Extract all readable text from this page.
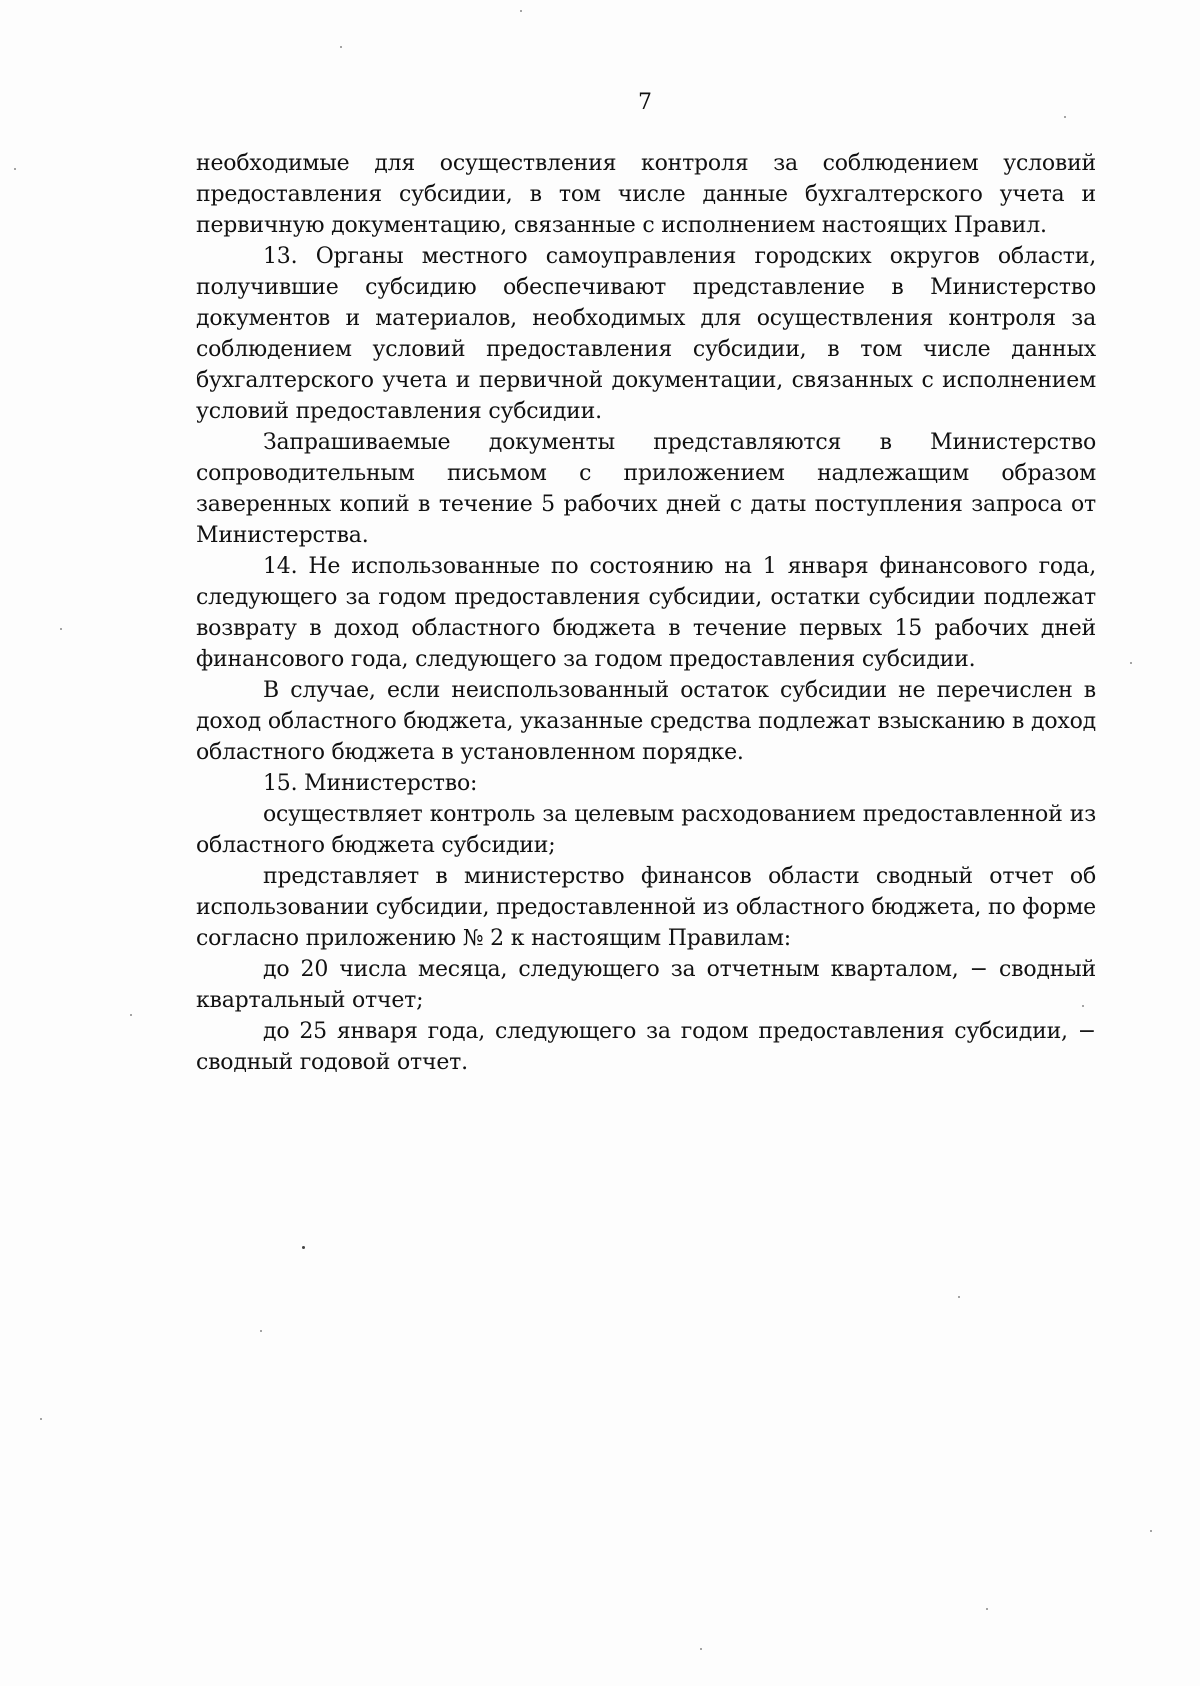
7

необходимые для осуществления контроля за соблюдением условий предоставления субсидии, в том числе данные бухгалтерского учета и первичную документацию, связанные с исполнением настоящих Правил.

13. Органы местного самоуправления городских округов области, получившие субсидию обеспечивают представление в Министерство документов и материалов, необходимых для осуществления контроля за соблюдением условий предоставления субсидии, в том числе данных бухгалтерского учета и первичной документации, связанных с исполнением условий предоставления субсидии.

Запрашиваемые документы представляются в Министерство сопроводительным письмом с приложением надлежащим образом заверенных копий в течение 5 рабочих дней с даты поступления запроса от Министерства.

14. Не использованные по состоянию на 1 января финансового года, следующего за годом предоставления субсидии, остатки субсидии подлежат возврату в доход областного бюджета в течение первых 15 рабочих дней финансового года, следующего за годом предоставления субсидии.

В случае, если неиспользованный остаток субсидии не перечислен в доход областного бюджета, указанные средства подлежат взысканию в доход областного бюджета в установленном порядке.

15. Министерство:

осуществляет контроль за целевым расходованием предоставленной из областного бюджета субсидии;

представляет в министерство финансов области сводный отчет об использовании субсидии, предоставленной из областного бюджета, по форме согласно приложению № 2 к настоящим Правилам:

до 20 числа месяца, следующего за отчетным кварталом, − сводный квартальный отчет;

до 25 января года, следующего за годом предоставления субсидии, − сводный годовой отчет.
